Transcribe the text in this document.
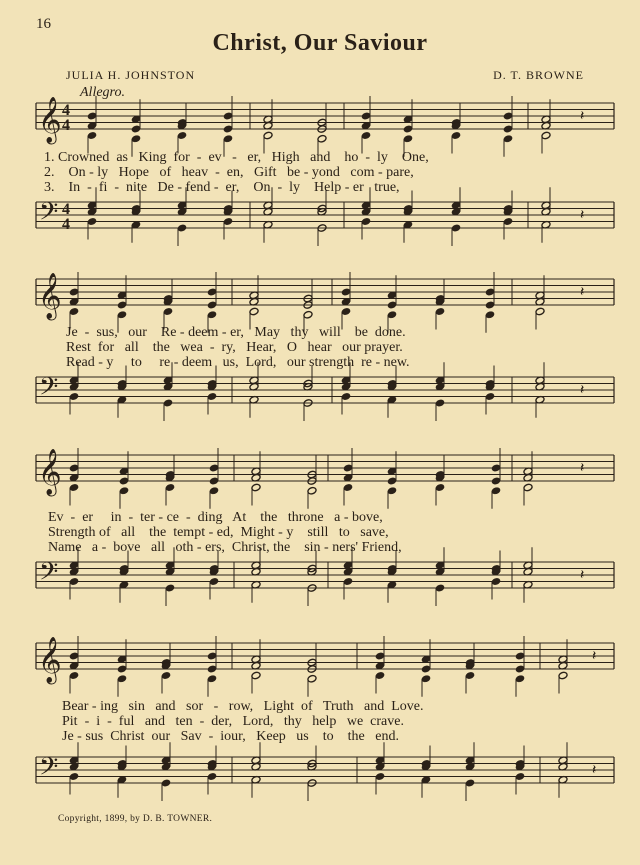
16
Christ, Our Saviour
JULIA H. JOHNSTON	D. T. BROWNE
Allegro.
𝄞
𝄢
4
4
4
4
𝄽
𝄽
𝄞
𝄢
𝄽
𝄽
𝄞
𝄢
𝄽
𝄽
𝄞
𝄢
𝄽
𝄽
1. Crowned  as   King  for  -  ev   -   er,   High   and    ho  -  ly    One,
2.    On - ly   Hope   of   heav  -  en,   Gift   be - yond   com - pare,
3.    In  -  fi  -  nite   De - fend -  er,    On  -  ly    Help - er   true,
Je  -  sus,   our    Re - deem - er,   May   thy   will    be  done.
Rest  for   all    the   wea  -  ry,   Hear,   O   hear   our prayer.
Read - y     to     re - deem   us,  Lord,   our strength  re - new.
Ev  -  er     in  -  ter - ce  -  ding   At    the   throne   a - bove,
Strength of   all    the  tempt - ed,  Might - y    still   to   save,
Name   a -  bove   all   oth - ers,  Christ, the    sin - ners' Friend,
Bear - ing   sin   and   sor   -   row,   Light  of   Truth   and  Love.
Pit  -  i  -  ful   and   ten  -  der,   Lord,   thy   help   we  crave.
Je - sus  Christ  our   Sav  -  iour,   Keep   us    to    the   end.
Copyright, 1899, by D. B. TOWNER.
